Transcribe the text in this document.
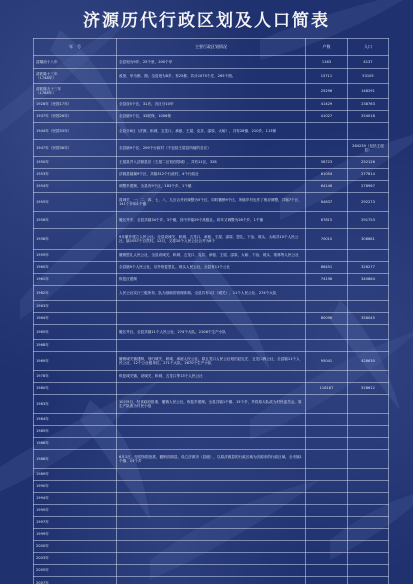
济源历代行政区划及人口简表
年　号	主要行政区划情况	户数	人口
清顺治十八年	全县划为9乡、25个里、200个甲	1163	4137
清乾隆十三年
（1748年）	改里、甲为都、图。全县划为8乡，有25都，共计1075个庄，265个图。	15711	53105
清乾隆五十三年
（1788年）		25296	148291
1928年（民国17年）	全县设5个区，31坊，各区分10甲	41429	238763
1937年（民国26年）	全县辖5个区，32联保，1006保	41027	254018
1944年（民国33年）	全县分8区（济源、轵城、五龙口、承留、王屋、克井、邵原、大峪），共有28镇、210乡，113保		
1947年（民国36年）	全县辖9个区、209个行政村（不包括王屋县所辖的各区）		284239（包括王屋县）
1950年	王屋县并入济源县后（王屋二区划归阳城），共有11区，328	58723	252126
1953年	济源县辖属9个区，共辖312个行政村，4个行政社	61054	277814
1954年	调整乡建制，全县有9个区，183个乡，1个镇	64146	278967
1955年	将城关、一、二、四、七、八、九区合并后调整为5个区，同时撤销9个区，所辖乡村也作了相应调整，共辖7个区、141个乡和1个镇	64837	292273
1956年	撤区并乡，全县共辖34个乡、3个镇，其中乡辖29个高级社。同年又调整为28个乡，1个镇	67815	291753
1958年	9月撤乡建立人民公社。全县设城关、轵城、五龙口、承留、王屋、邵原、思礼、下冶、坡头、大峪共10个人民公社，辖1057个自然村。12月，又将10个人民公社合并为8个	70010	308681
1959年	撤销思礼人民公社，全县设城关、轵城、五龙口、克井、承留、王屋、邵原、大峪、下冶、坡头、梨林等人民公社		
1960年	全县辖9个人民公社，另外恢复思礼、坡头人民公社，全县有11个公社	68451	326277
1961年	恢复区建制	74198	340864
1962年	人民公社实行三级所有、队为基础的管理体制。全县共有1区（城关），11个人民公社、274个大队		
1963年			
1964年		80098	358045
1965年	撤区并社，全县共辖11个人民公社、274个大队，2108个生产小队		
1968年			
1969年	撤销城关镇建制，划归城关、轵城、承留人民公社。原五龙口人民公社划归赵礼庄、五龙口两公社，全县辖11个人民公社、12个公社级单位，271个大队，2670个生产小队	95041	428630
1978年	恢复城关镇，设城关、轵城、五龙口等13个人民公社		
1980年		116187	528612
1983年	10月9日，经省政府批准，撤销人民公社，恢复乡建制。全县共辖1个镇、15个乡，并将原大队改为村民委员会，原生产队改为村民小组		
1984年			
1985年			
1986年			
1988年	6月1日，经国务院批准，撤销济源县，设立济源市（县级），以原济源县的行政区域为济源市的行政区域，全市辖1个镇、15个乡		
1989年			
1990年			
1994年			
1995年			
1997年			
1999年			
2000年			
2003年			
2005年			
2007年			
